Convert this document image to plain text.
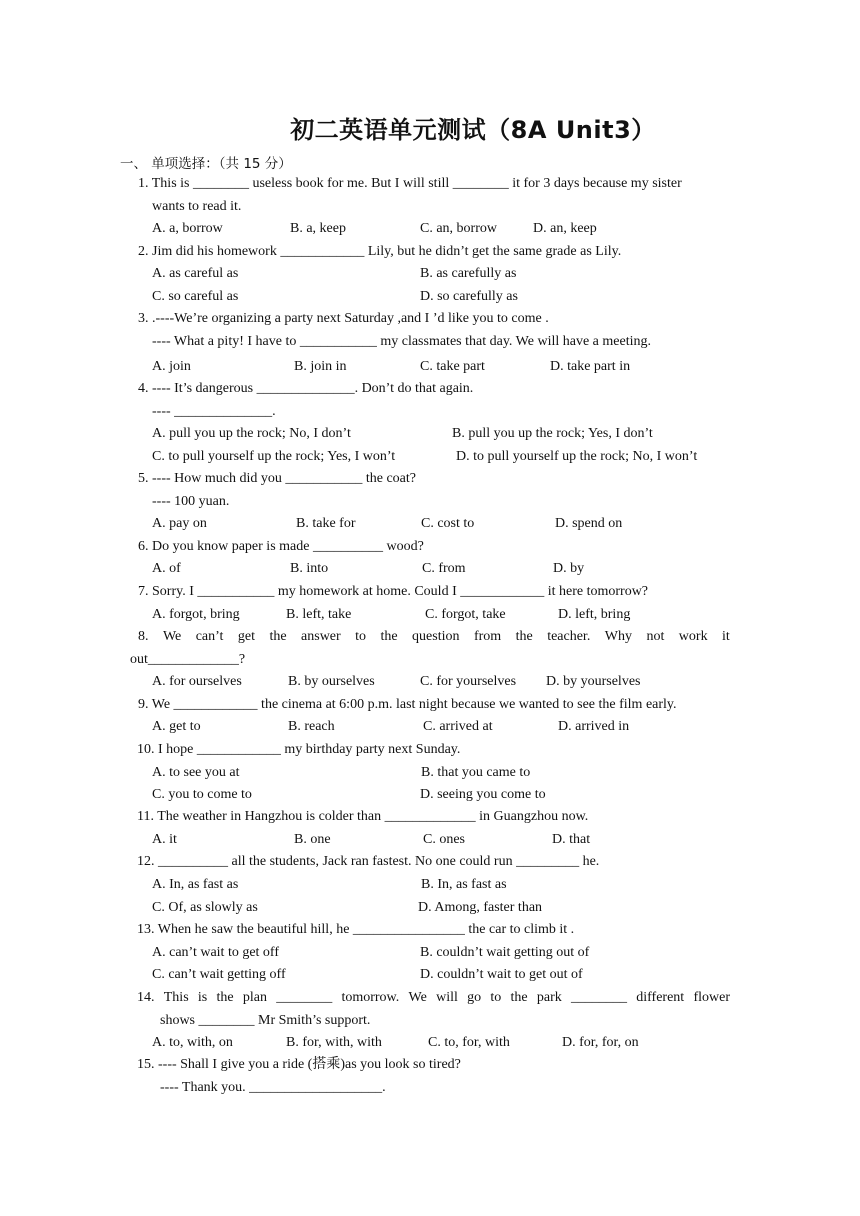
初二英语单元测试（8A Unit3）
一、 单项选择：（共 15 分）
1. This is ________ useless book for me. But I will still ________ it for 3 days because my sister
wants to read it.
A. a, borrow	B. a, keep	C. an, borrow	D. an, keep
2. Jim did his homework ____________ Lily, but he didn’t get the same grade as Lily.
A. as careful as	B. as carefully as
C. so careful as	D. so carefully as
3. .----We’re organizing a party next Saturday ,and I ’d like you to come .
---- What a pity! I have to ___________ my classmates that day. We will have a meeting.
A. join	B. join in	C. take part	D. take part in
4. ---- It’s dangerous ______________. Don’t do that again.
---- ______________.
A. pull you up the rock; No, I don’t	B. pull you up the rock; Yes, I don’t
C. to pull yourself up the rock; Yes, I won’t	D. to pull yourself up the rock; No, I won’t
5. ---- How much did you ___________ the coat?
---- 100 yuan.
A. pay on	B. take for	C. cost to	D. spend on
6. Do you know paper is made __________ wood?
A. of	B. into	C. from	D. by
7. Sorry. I ___________ my homework at home. Could I ____________ it here tomorrow?
A. forgot, bring	B. left, take	C. forgot, take	D. left, bring
8. We can’t get the answer to the question from the teacher. Why not work it
out_____________?
A. for ourselves	B. by ourselves	C. for yourselves D. by yourselves
9. We ____________ the cinema at 6:00 p.m. last night because we wanted to see the film early.
A. get to	B. reach	C. arrived at	D. arrived in
10. I hope ____________ my birthday party next Sunday.
A. to see you at	B. that you came to
C. you to come to	D. seeing you come to
11. The weather in Hangzhou is colder than _____________ in Guangzhou now.
A. it	B. one	C. ones	D. that
12. __________ all the students, Jack ran fastest. No one could run _________ he.
A. In, as fast as	B. In, as fast as
C. Of, as slowly as	D. Among, faster than
13. When he saw the beautiful hill, he ________________ the car to climb it .
A. can’t wait to get off	B. couldn’t wait getting out of
C. can’t wait getting off	D. couldn’t wait to get out of
14. This is the plan ________ tomorrow. We will go to the park ________ different flower
shows ________ Mr Smith’s support.
A. to, with, on	B. for, with, with	C. to, for, with	D. for, for, on
15. ---- Shall I give you a ride (搭乘)as you look so tired?
---- Thank you. ___________________.
